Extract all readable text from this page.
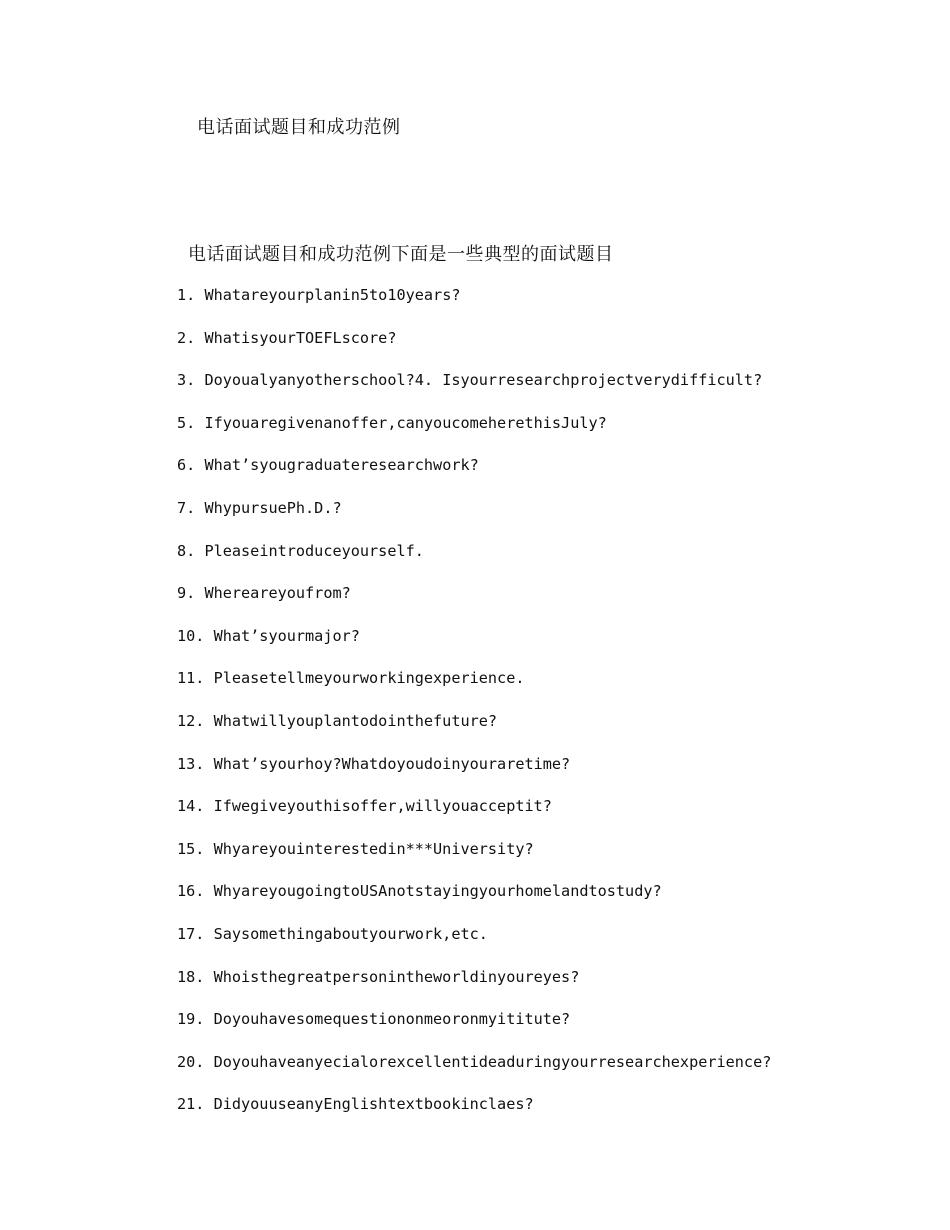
电话面试题目和成功范例
电话面试题目和成功范例下面是一些典型的面试题目
1. Whatareyourplanin5to10years?
2. WhatisyourTOEFLscore?
3. Doyoualyanyotherschool?4. Isyourresearchprojectverydifficult?
5. Ifyouaregivenanoffer,canyoucomeherethisJuly?
6. What’syougraduateresearchwork?
7. WhypursuePh.D.?
8. Pleaseintroduceyourself.
9. Whereareyoufrom?
10. What’syourmajor?
11. Pleasetellmeyourworkingexperience.
12. Whatwillyouplantodointhefuture?
13. What’syourhoy?Whatdoyoudoinyouraretime?
14. Ifwegiveyouthisoffer,willyouacceptit?
15. Whyareyouinterestedin***University?
16. WhyareyougoingtoUSAnotstayingyourhomelandtostudy?
17. Saysomethingaboutyourwork,etc.
18. Whoisthegreatpersonintheworldinyoureyes?
19. Doyouhavesomequestiononmeoronmyititute?
20. Doyouhaveanyecialorexcellentideaduringyourresearchexperience?
21. DidyouuseanyEnglishtextbookinclaes?
